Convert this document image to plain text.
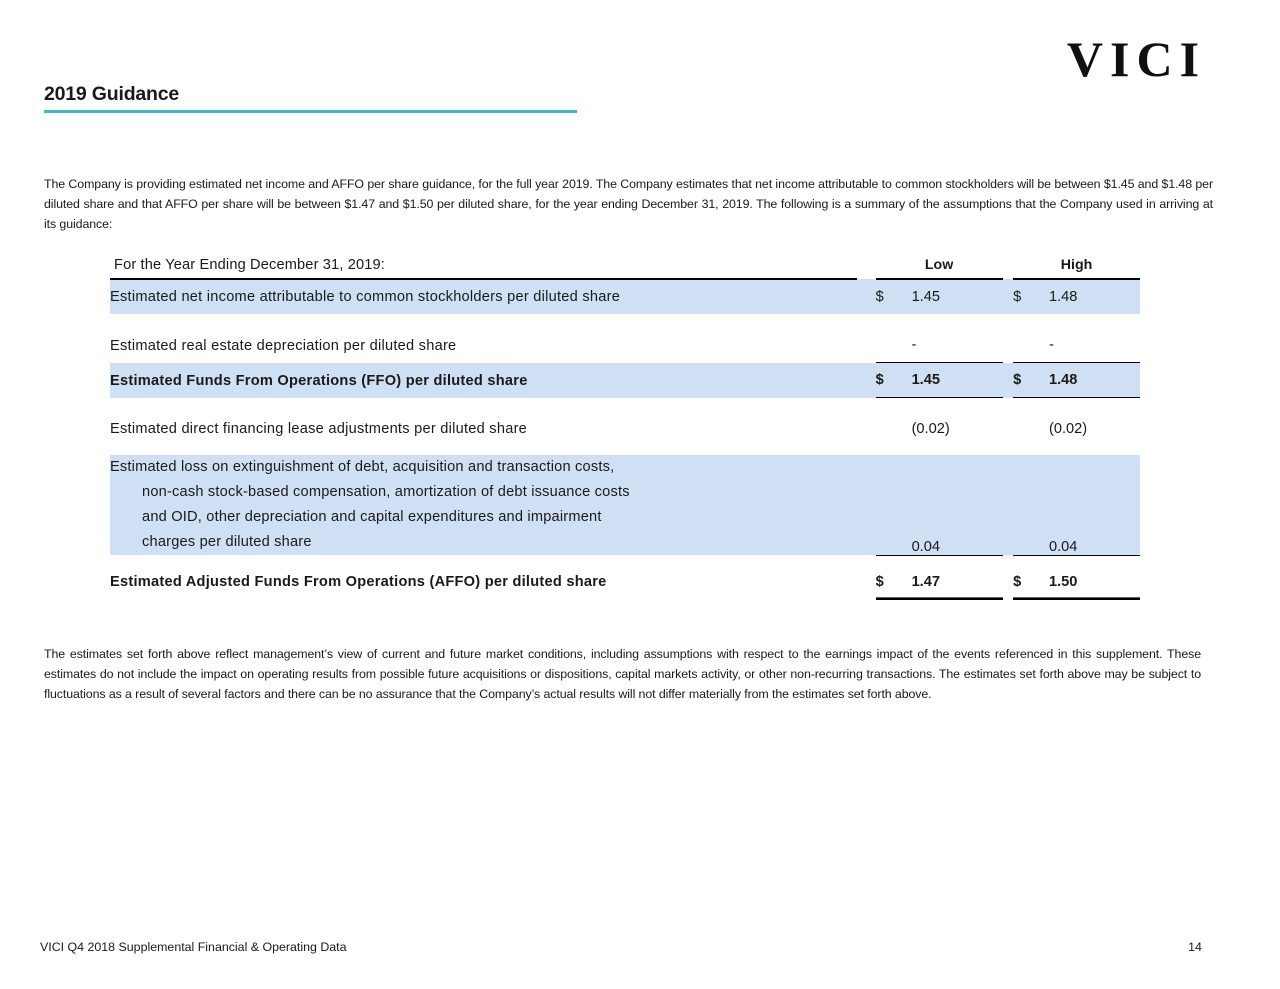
VICI
2019 Guidance

The Company is providing estimated net income and AFFO per share guidance, for the full year 2019. The Company estimates that net income attributable to common stockholders will be between $1.45 and $1.48 per diluted share and that AFFO per share will be between $1.47 and $1.50 per diluted share, for the year ending December 31, 2019. The following is a summary of the assumptions that the Company used in arriving at its guidance:

For the Year Ending December 31, 2019:		Low			High	
Estimated net income attributable to common stockholders per diluted share		$	1.45		$	1.48

Estimated real estate depreciation per diluted share			-			-
Estimated Funds From Operations (FFO) per diluted share		$	1.45		$	1.48

Estimated direct financing lease adjustments per diluted share			(0.02)			(0.02)

Estimated loss on extinguishment of debt, acquisition and transaction costs,
non-cash stock-based compensation, amortization of debt issuance costs
and OID, other depreciation and capital expenditures and impairment
charges per diluted share			0.04			0.04

Estimated Adjusted Funds From Operations (AFFO) per diluted share		$	1.47		$	1.50

The estimates set forth above reflect management’s view of current and future market conditions, including assumptions with respect to the earnings impact of the events referenced in this supplement. These estimates do not include the impact on operating results from possible future acquisitions or dispositions, capital markets activity, or other non-recurring transactions. The estimates set forth above may be subject to fluctuations as a result of several factors and there can be no assurance that the Company’s actual results will not differ materially from the estimates set forth above.

VICI Q4 2018 Supplemental Financial & Operating Data	14
